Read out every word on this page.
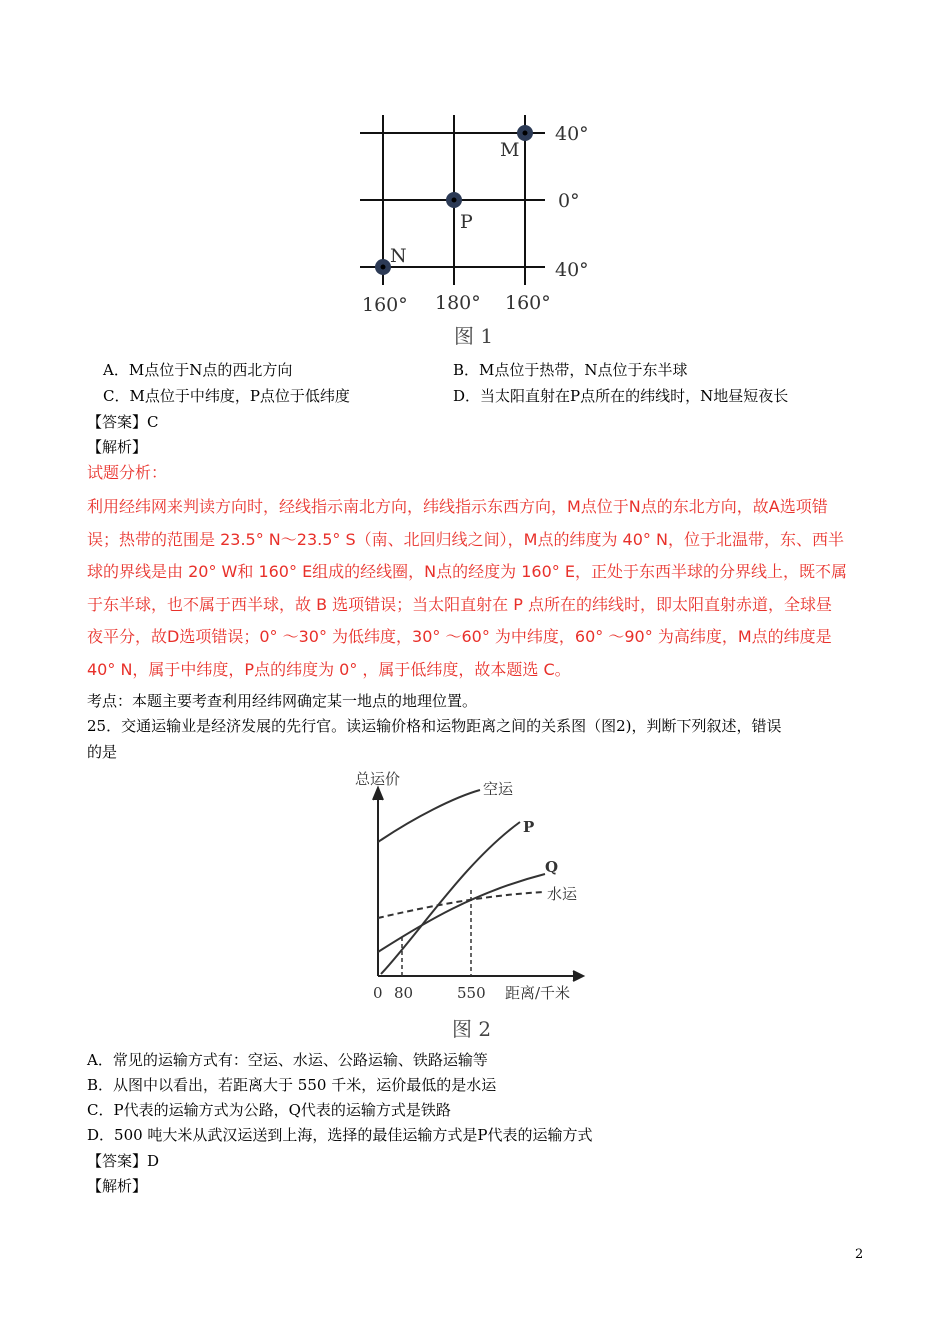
M
P
N
40°
0°
40°
160° 180° 160°
图 1
A．M点位于N点的西北方向	B．M点位于热带，N点位于东半球
C．M点位于中纬度，P点位于低纬度	D．当太阳直射在P点所在的纬线时，N地昼短夜长
【答案】C
【解析】
试题分析：
利用经纬网来判读方向时，经线指示南北方向，纬线指示东西方向，M点位于N点的东北方向，故A选项错
误；热带的范围是 23.5° N～23.5° S（南、北回归线之间），M点的纬度为 40° N，位于北温带，东、西半
球的界线是由 20° W和 160° E组成的经线圈，N点的经度为 160° E，正处于东西半球的分界线上，既不属
于东半球，也不属于西半球，故 B 选项错误；当太阳直射在 P 点所在的纬线时，即太阳直射赤道，全球昼
夜平分，故D选项错误；0° ～30° 为低纬度，30° ～60° 为中纬度，60° ～90° 为高纬度，M点的纬度是
40° N，属于中纬度，P点的纬度为 0° ，属于低纬度，故本题选 C。
考点：本题主要考查利用经纬网确定某一地点的地理位置。
25．交通运输业是经济发展的先行官。读运输价格和运物距离之间的关系图（图2)，判断下列叙述，错误
的是
总运价
空运
P
Q
水运
0 80	550 距离/千米
图 2
A．常见的运输方式有：空运、水运、公路运输、铁路运输等
B．从图中以看出，若距离大于 550 千米，运价最低的是水运
C．P代表的运输方式为公路，Q代表的运输方式是铁路
D．500 吨大米从武汉运送到上海，选择的最佳运输方式是P代表的运输方式
【答案】D
【解析】
2
